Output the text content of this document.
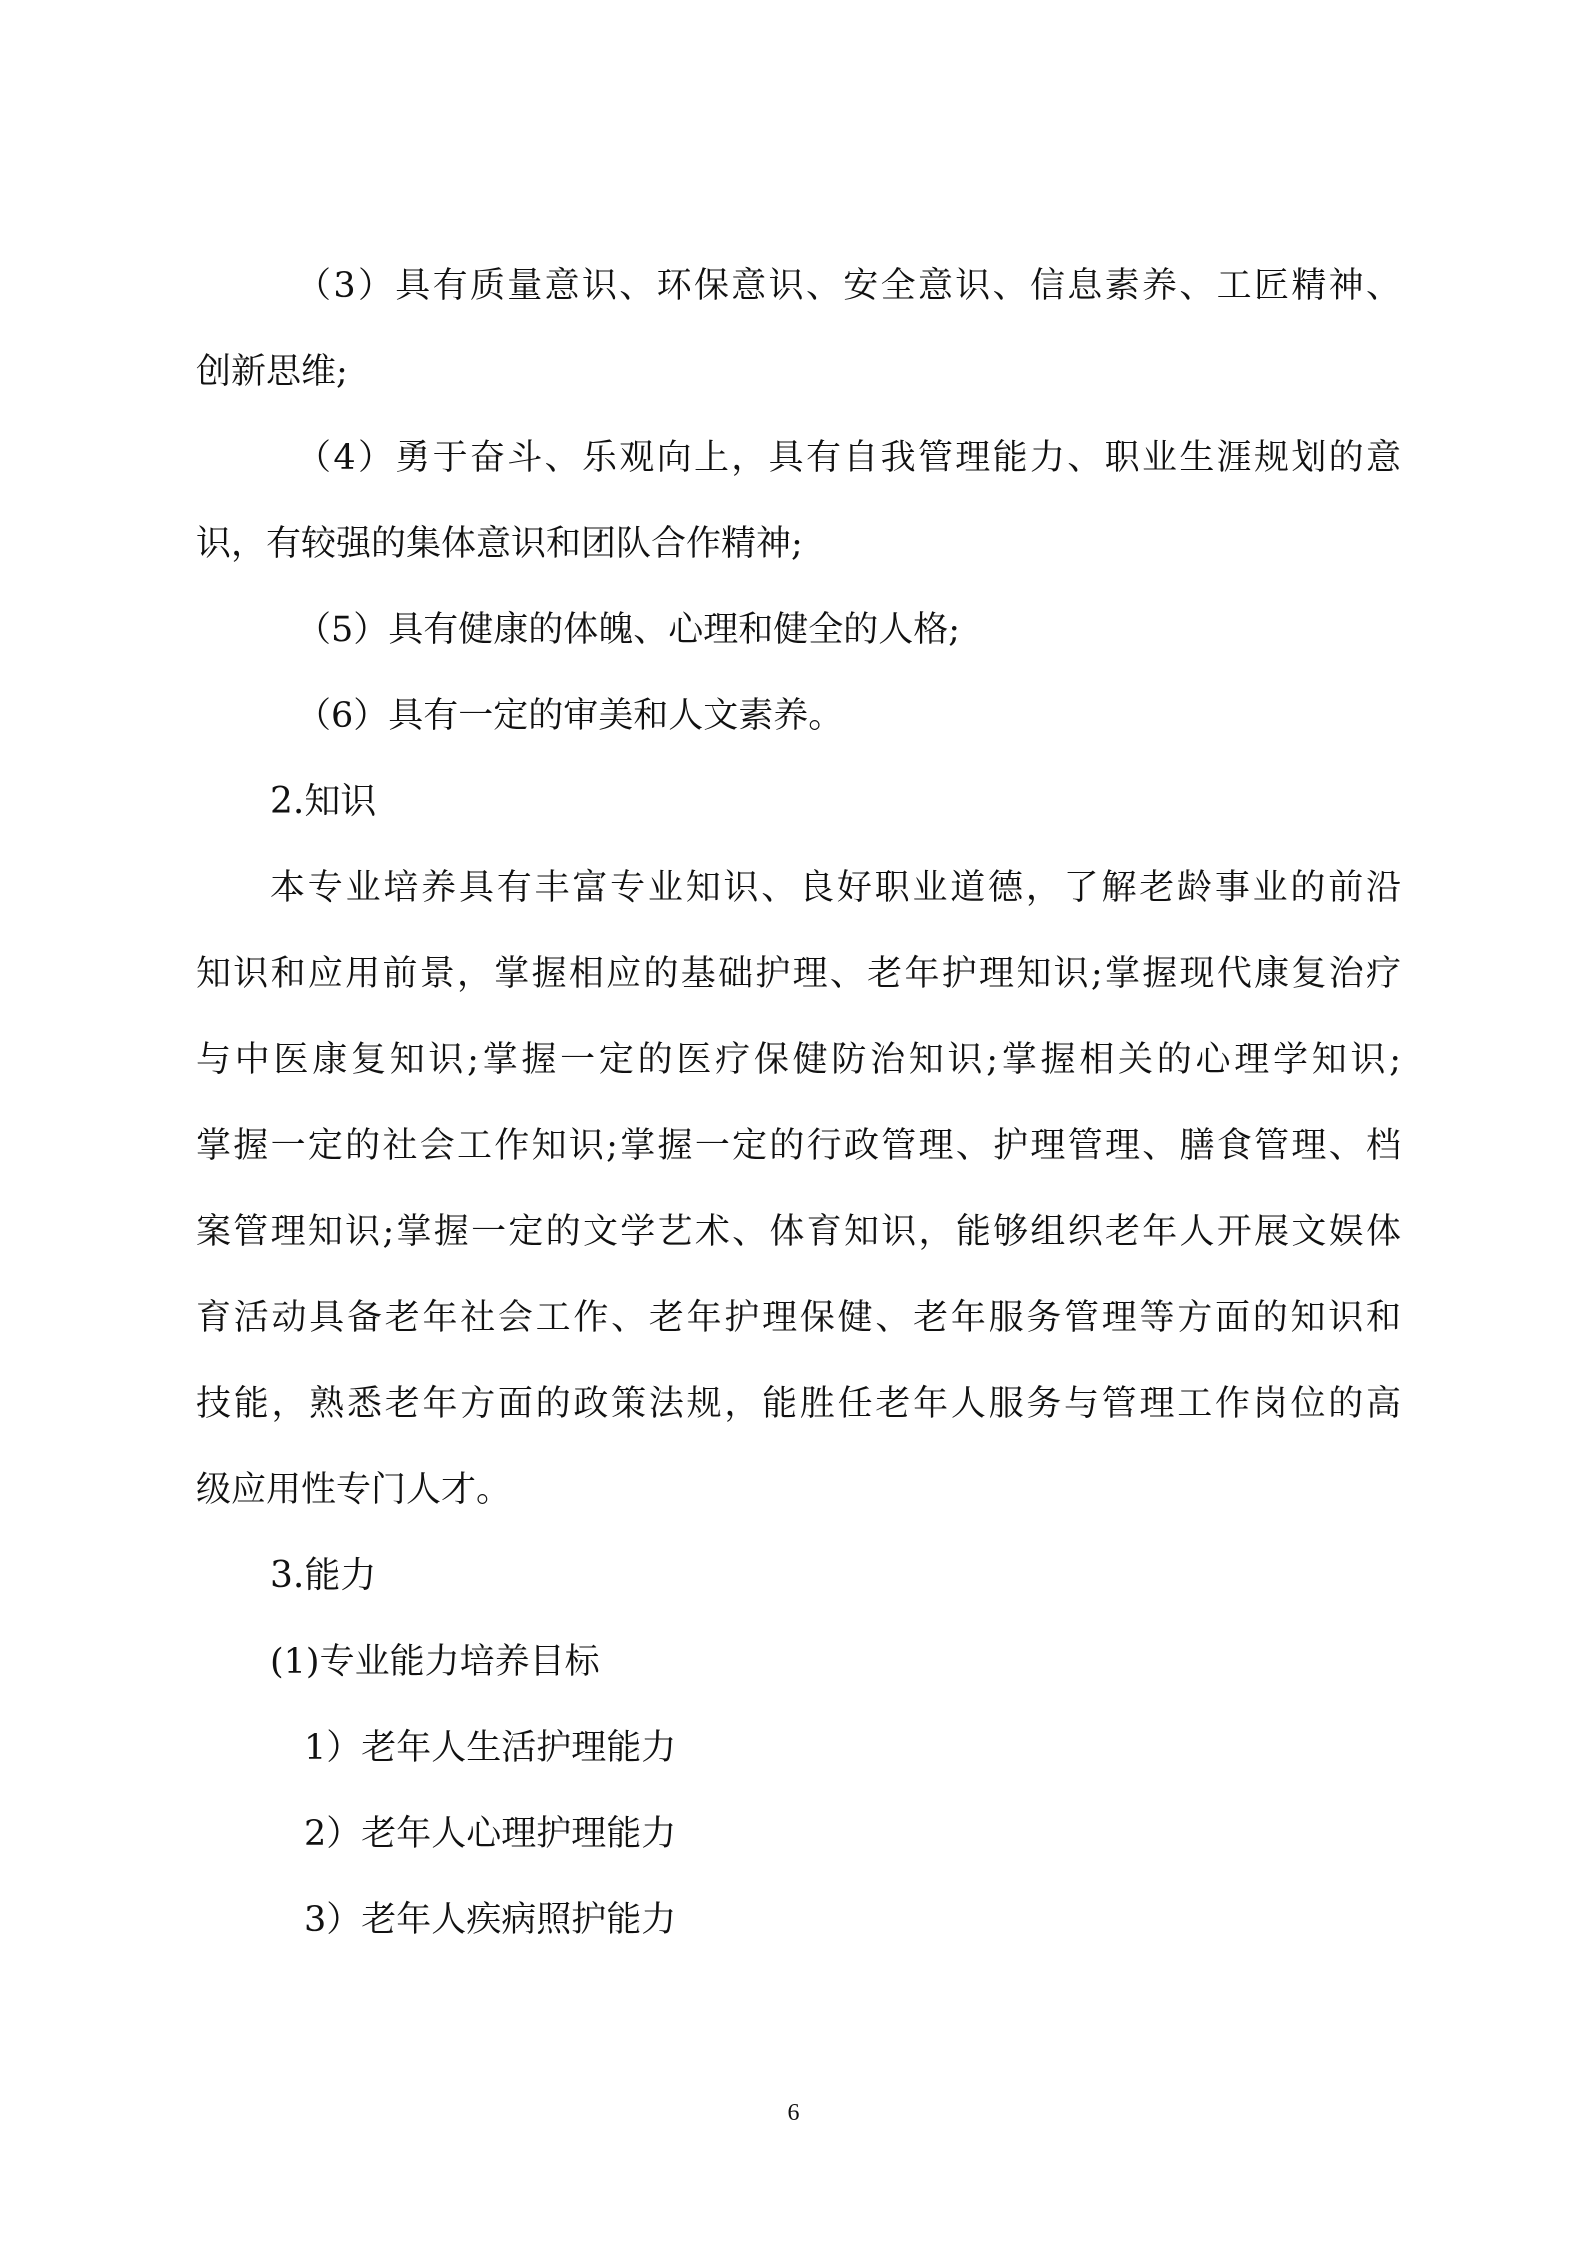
（3）具有质量意识、环保意识、安全意识、信息素养、工匠精神、
创新思维;
（4）勇于奋斗、乐观向上，具有自我管理能力、职业生涯规划的意
识，有较强的集体意识和团队合作精神;
（5）具有健康的体魄、心理和健全的人格;
（6）具有一定的审美和人文素养。
2.知识
本专业培养具有丰富专业知识、良好职业道德，了解老龄事业的前沿
知识和应用前景，掌握相应的基础护理、老年护理知识;掌握现代康复治疗
与中医康复知识;掌握一定的医疗保健防治知识;掌握相关的心理学知识;
掌握一定的社会工作知识;掌握一定的行政管理、护理管理、膳食管理、档
案管理知识;掌握一定的文学艺术、体育知识，能够组织老年人开展文娱体
育活动具备老年社会工作、老年护理保健、老年服务管理等方面的知识和
技能，熟悉老年方面的政策法规，能胜任老年人服务与管理工作岗位的高
级应用性专门人才。
3.能力
(1)专业能力培养目标
1）老年人生活护理能力
2）老年人心理护理能力
3）老年人疾病照护能力
6
